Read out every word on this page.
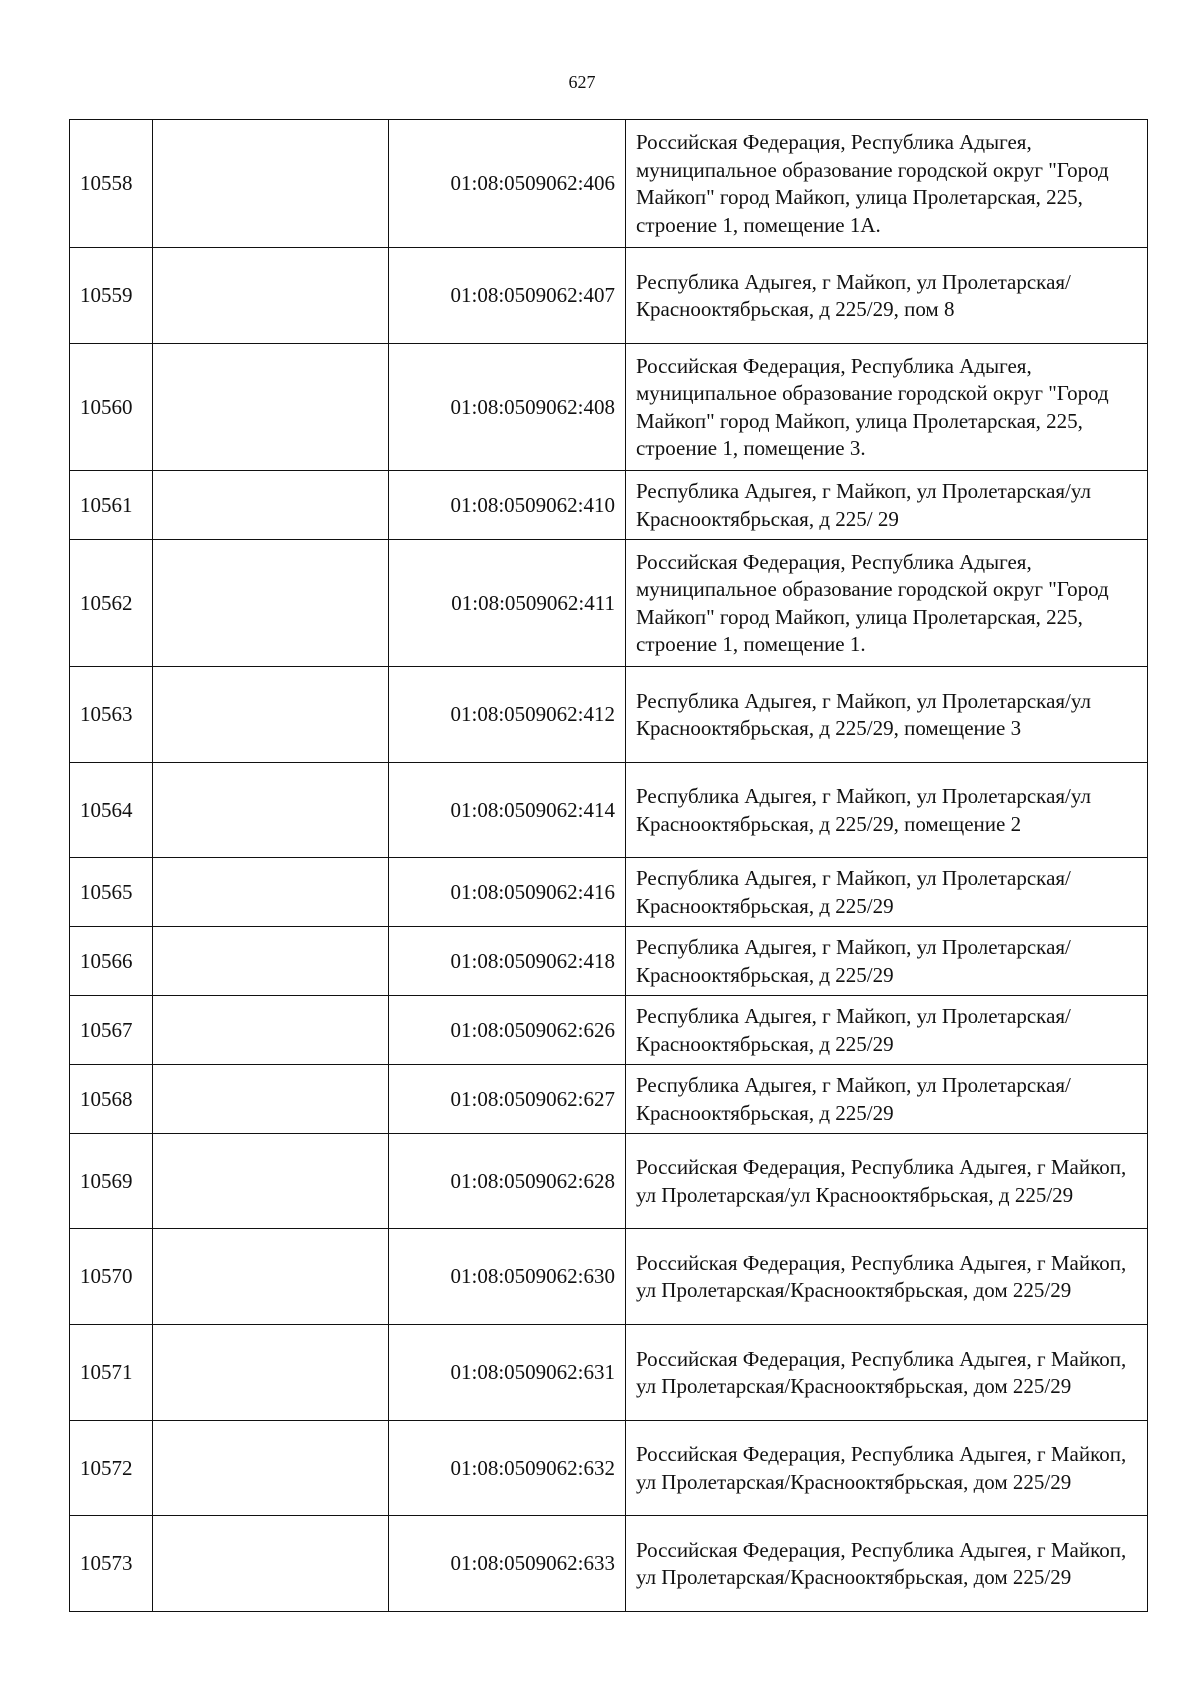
627
10558		01:08:0509062:406	Российская Федерация, Республика Адыгея, муниципальное образование городской округ "Город Майкоп" город Майкоп, улица Пролетарская, 225, строение 1, помещение 1А.
10559		01:08:0509062:407	Республика Адыгея, г Майкоп, ул Пролетарская/Краснооктябрьская, д 225/29, пом 8
10560		01:08:0509062:408	Российская Федерация, Республика Адыгея, муниципальное образование городской округ "Город Майкоп" город Майкоп, улица Пролетарская, 225, строение 1, помещение 3.
10561		01:08:0509062:410	Республика Адыгея, г Майкоп, ул Пролетарская/ул Краснооктябрьская, д 225/ 29
10562		01:08:0509062:411	Российская Федерация, Республика Адыгея, муниципальное образование городской округ "Город Майкоп" город Майкоп, улица Пролетарская, 225, строение 1, помещение 1.
10563		01:08:0509062:412	Республика Адыгея, г Майкоп, ул Пролетарская/ул Краснооктябрьская, д 225/29, помещение 3
10564		01:08:0509062:414	Республика Адыгея, г Майкоп, ул Пролетарская/ул Краснооктябрьская, д 225/29, помещение 2
10565		01:08:0509062:416	Республика Адыгея, г Майкоп, ул Пролетарская/Краснооктябрьская, д 225/29
10566		01:08:0509062:418	Республика Адыгея, г Майкоп, ул Пролетарская/Краснооктябрьская, д 225/29
10567		01:08:0509062:626	Республика Адыгея, г Майкоп, ул Пролетарская/Краснооктябрьская, д 225/29
10568		01:08:0509062:627	Республика Адыгея, г Майкоп, ул Пролетарская/Краснооктябрьская, д 225/29
10569		01:08:0509062:628	Российская Федерация, Республика Адыгея, г Майкоп, ул Пролетарская/ул Краснооктябрьская, д 225/29
10570		01:08:0509062:630	Российская Федерация, Республика Адыгея, г Майкоп, ул Пролетарская/Краснооктябрьская, дом 225/29
10571		01:08:0509062:631	Российская Федерация, Республика Адыгея, г Майкоп, ул Пролетарская/Краснооктябрьская, дом 225/29
10572		01:08:0509062:632	Российская Федерация, Республика Адыгея, г Майкоп, ул Пролетарская/Краснооктябрьская, дом 225/29
10573		01:08:0509062:633	Российская Федерация, Республика Адыгея, г Майкоп, ул Пролетарская/Краснооктябрьская, дом 225/29
